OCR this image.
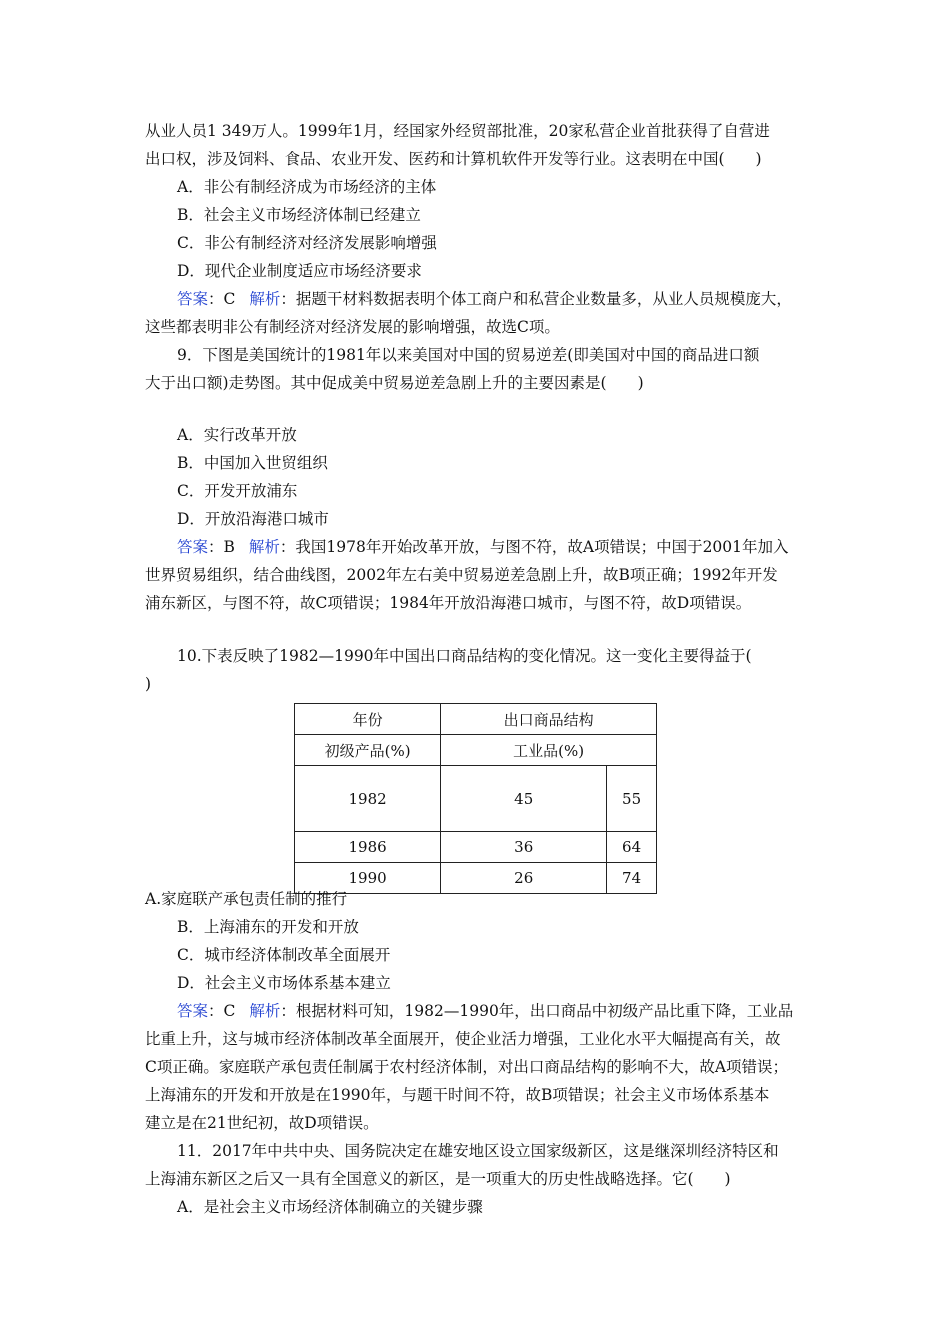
从业人员1 349万人。1999年1月，经国家外经贸部批准，20家私营企业首批获得了自营进
出口权，涉及饲料、食品、农业开发、医药和计算机软件开发等行业。这表明在中国(　　)
A．非公有制经济成为市场经济的主体
B．社会主义市场经济体制已经建立
C．非公有制经济对经济发展影响增强
D．现代企业制度适应市场经济要求
答案：C 解析：据题干材料数据表明个体工商户和私营企业数量多，从业人员规模庞大，
这些都表明非公有制经济对经济发展的影响增强，故选C项。
9．下图是美国统计的1981年以来美国对中国的贸易逆差(即美国对中国的商品进口额
大于出口额)走势图。其中促成美中贸易逆差急剧上升的主要因素是(　　)
A．实行改革开放
B．中国加入世贸组织
C．开发开放浦东
D．开放沿海港口城市
答案：B 解析：我国1978年开始改革开放，与图不符，故A项错误；中国于2001年加入
世界贸易组织，结合曲线图，2002年左右美中贸易逆差急剧上升，故B项正确；1992年开发
浦东新区，与图不符，故C项错误；1984年开放沿海港口城市，与图不符，故D项错误。
10.下表反映了1982—1990年中国出口商品结构的变化情况。这一变化主要得益于(
)
年份	出口商品结构	
初级产品(%)	工业品(%)	
1982	45	55
1986	36	64
1990	26	74
A.家庭联产承包责任制的推行
B．上海浦东的开发和开放
C．城市经济体制改革全面展开
D．社会主义市场体系基本建立
答案：C 解析：根据材料可知，1982—1990年，出口商品中初级产品比重下降，工业品
比重上升，这与城市经济体制改革全面展开，使企业活力增强，工业化水平大幅提高有关，故
C项正确。家庭联产承包责任制属于农村经济体制，对出口商品结构的影响不大，故A项错误；
上海浦东的开发和开放是在1990年，与题干时间不符，故B项错误；社会主义市场体系基本
建立是在21世纪初，故D项错误。
11．2017年中共中央、国务院决定在雄安地区设立国家级新区，这是继深圳经济特区和
上海浦东新区之后又一具有全国意义的新区，是一项重大的历史性战略选择。它(　　)
A．是社会主义市场经济体制确立的关键步骤
